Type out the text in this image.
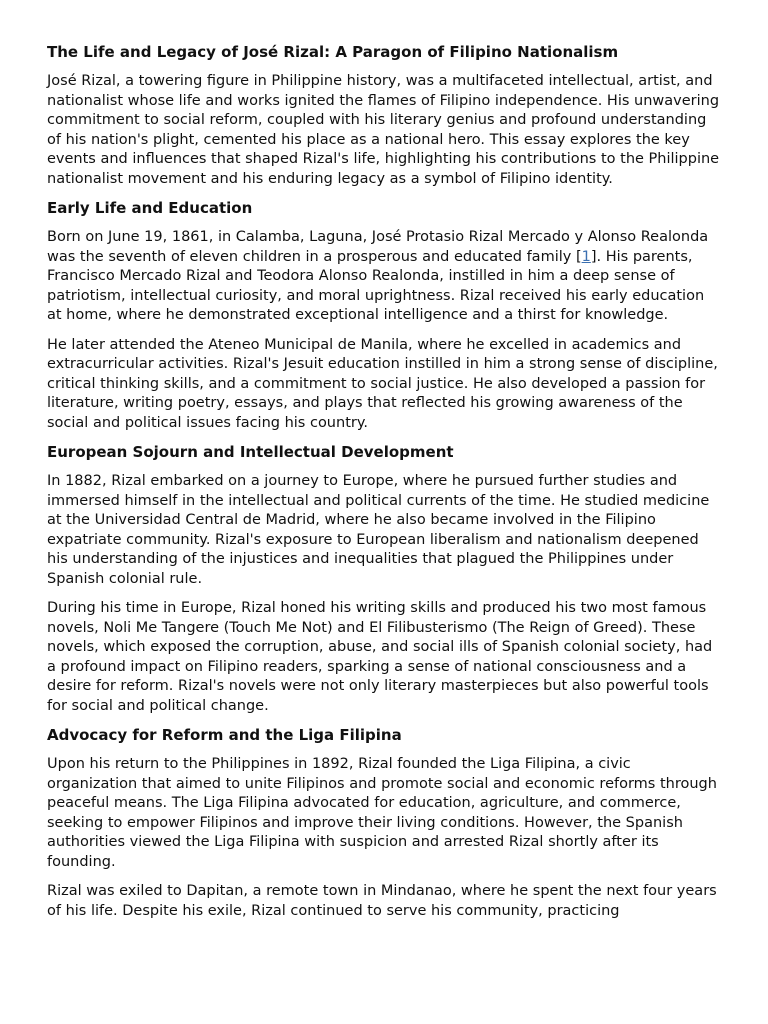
The Life and Legacy of José Rizal: A Paragon of Filipino Nationalism

José Rizal, a towering figure in Philippine history, was a multifaceted intellectual, artist, and nationalist whose life and works ignited the flames of Filipino independence. His unwavering commitment to social reform, coupled with his literary genius and profound understanding of his nation's plight, cemented his place as a national hero. This essay explores the key events and influences that shaped Rizal's life, highlighting his contributions to the Philippine nationalist movement and his enduring legacy as a symbol of Filipino identity.

Early Life and Education

Born on June 19, 1861, in Calamba, Laguna, José Protasio Rizal Mercado y Alonso Realonda was the seventh of eleven children in a prosperous and educated family [1]. His parents, Francisco Mercado Rizal and Teodora Alonso Realonda, instilled in him a deep sense of patriotism, intellectual curiosity, and moral uprightness. Rizal received his early education at home, where he demonstrated exceptional intelligence and a thirst for knowledge.

He later attended the Ateneo Municipal de Manila, where he excelled in academics and extracurricular activities. Rizal's Jesuit education instilled in him a strong sense of discipline, critical thinking skills, and a commitment to social justice. He also developed a passion for literature, writing poetry, essays, and plays that reflected his growing awareness of the social and political issues facing his country.

European Sojourn and Intellectual Development

In 1882, Rizal embarked on a journey to Europe, where he pursued further studies and immersed himself in the intellectual and political currents of the time. He studied medicine at the Universidad Central de Madrid, where he also became involved in the Filipino expatriate community. Rizal's exposure to European liberalism and nationalism deepened his understanding of the injustices and inequalities that plagued the Philippines under Spanish colonial rule.

During his time in Europe, Rizal honed his writing skills and produced his two most famous novels, Noli Me Tangere (Touch Me Not) and El Filibusterismo (The Reign of Greed). These novels, which exposed the corruption, abuse, and social ills of Spanish colonial society, had a profound impact on Filipino readers, sparking a sense of national consciousness and a desire for reform. Rizal's novels were not only literary masterpieces but also powerful tools for social and political change.

Advocacy for Reform and the Liga Filipina

Upon his return to the Philippines in 1892, Rizal founded the Liga Filipina, a civic organization that aimed to unite Filipinos and promote social and economic reforms through peaceful means. The Liga Filipina advocated for education, agriculture, and commerce, seeking to empower Filipinos and improve their living conditions. However, the Spanish authorities viewed the Liga Filipina with suspicion and arrested Rizal shortly after its founding.

Rizal was exiled to Dapitan, a remote town in Mindanao, where he spent the next four years of his life. Despite his exile, Rizal continued to serve his community, practicing
